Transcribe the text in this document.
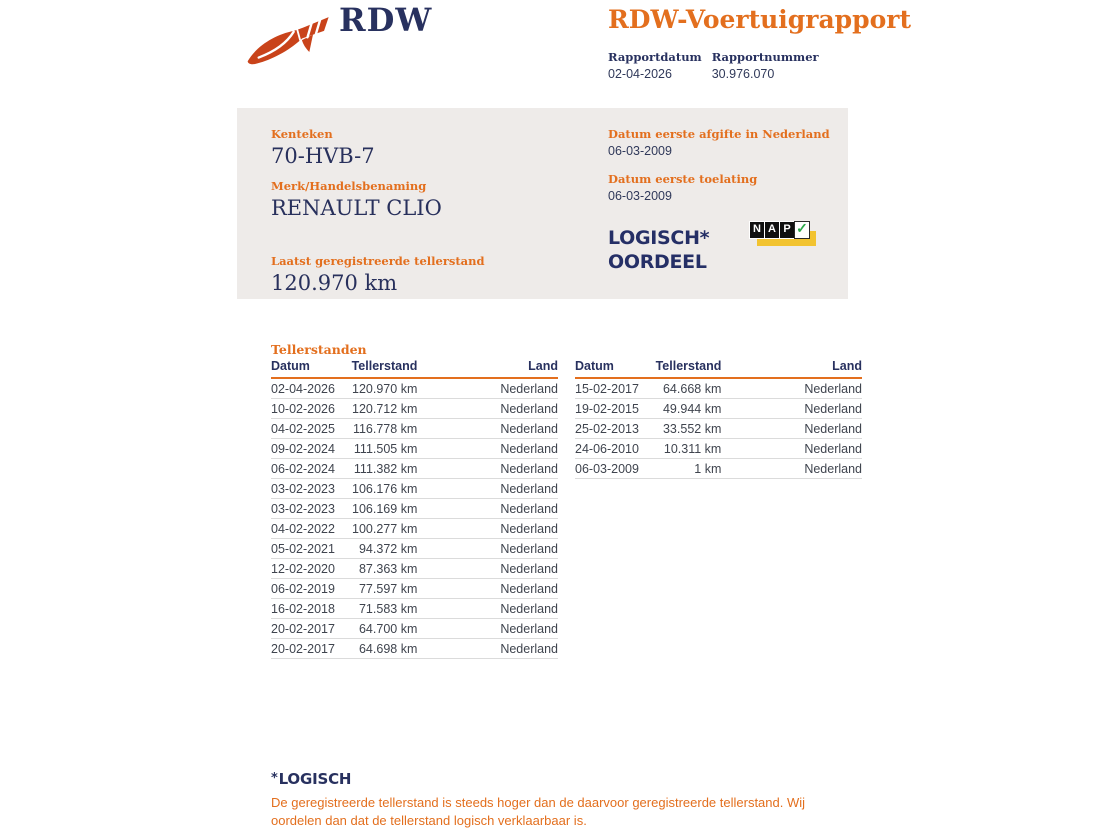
RDW	RDW-Voertuigrapport
Rapportdatum
02-04-2026
Rapportnummer
30.976.070
Kenteken
70-HVB-7
Merk/Handelsbenaming
RENAULT CLIO
Laatst geregistreerde tellerstand
120.970 km
Datum eerste afgifte in Nederland
06-03-2009
Datum eerste toelating
06-03-2009
LOGISCH*
OORDEEL
N A P ✓
Tellerstanden
Datum	Tellerstand	Land
02-04-2026	120.970 km	Nederland
10-02-2026	120.712 km	Nederland
04-02-2025	116.778 km	Nederland
09-02-2024	111.505 km	Nederland
06-02-2024	111.382 km	Nederland
03-02-2023	106.176 km	Nederland
03-02-2023	106.169 km	Nederland
04-02-2022	100.277 km	Nederland
05-02-2021	94.372 km	Nederland
12-02-2020	87.363 km	Nederland
06-02-2019	77.597 km	Nederland
16-02-2018	71.583 km	Nederland
20-02-2017	64.700 km	Nederland
20-02-2017	64.698 km	Nederland
Datum	Tellerstand	Land
15-02-2017	64.668 km	Nederland
19-02-2015	49.944 km	Nederland
25-02-2013	33.552 km	Nederland
24-06-2010	10.311 km	Nederland
06-03-2009	1 km	Nederland
*LOGISCH

De geregistreerde tellerstand is steeds hoger dan de daarvoor geregistreerde tellerstand. Wij oordelen dan dat de tellerstand logisch verklaarbaar is.
